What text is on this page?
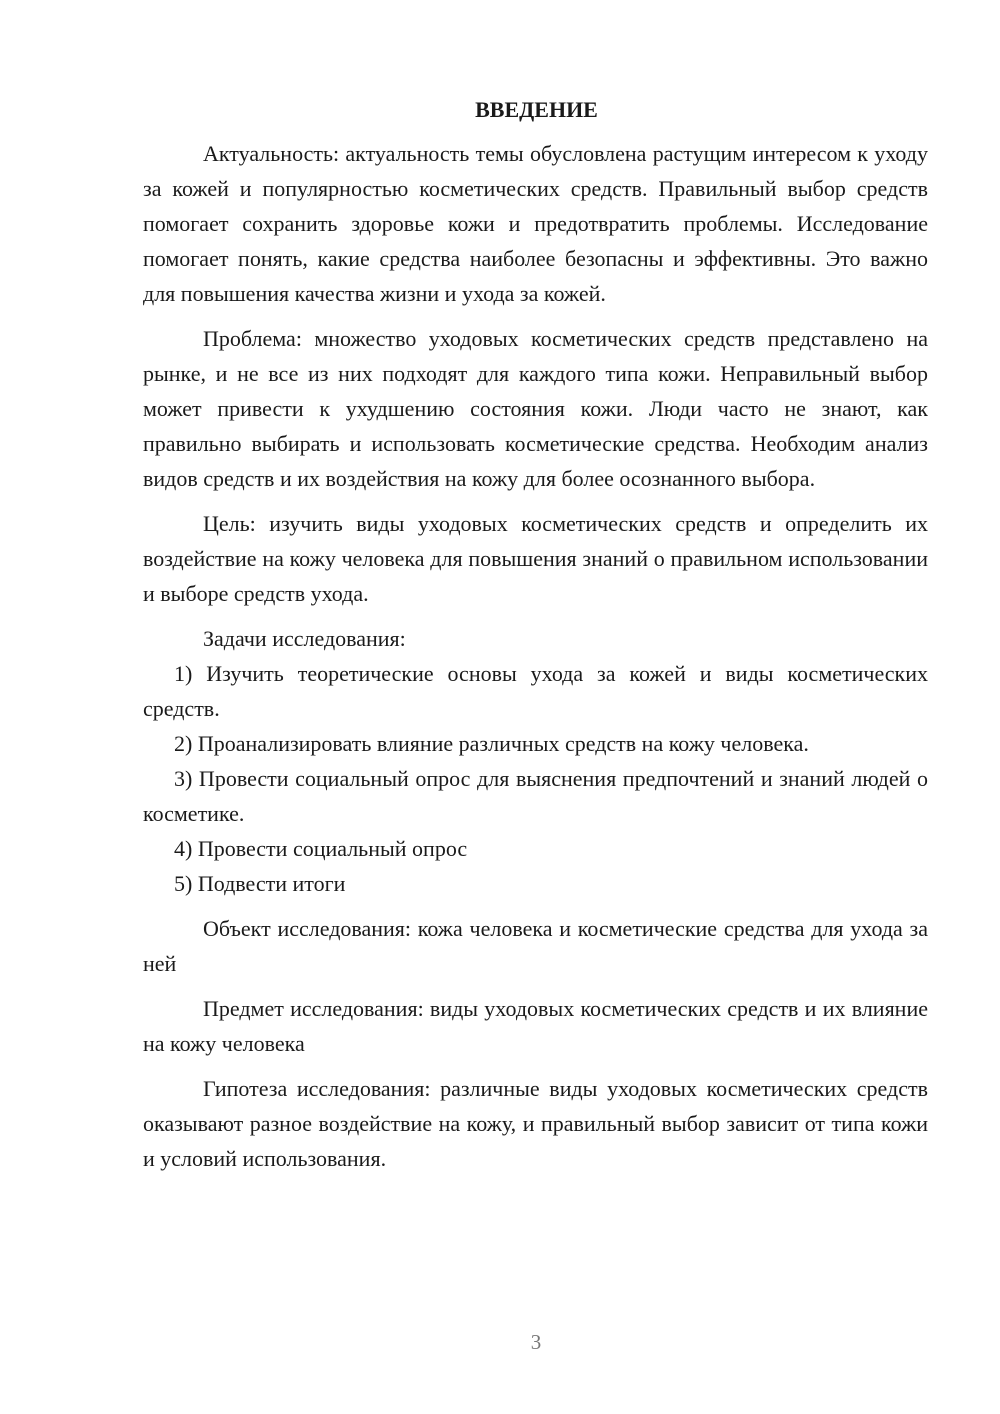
ВВЕДЕНИЕ

Актуальность: актуальность темы обусловлена растущим интересом к уходу за кожей и популярностью косметических средств. Правильный выбор средств помогает сохранить здоровье кожи и предотвратить проблемы. Исследование помогает понять, какие средства наиболее безопасны и эффективны. Это важно для повышения качества жизни и ухода за кожей.

Проблема: множество уходовых косметических средств представлено на рынке, и не все из них подходят для каждого типа кожи. Неправильный выбор может привести к ухудшению состояния кожи. Люди часто не знают, как правильно выбирать и использовать косметические средства. Необходим анализ видов средств и их воздействия на кожу для более осознанного выбора.

Цель: изучить виды уходовых косметических средств и определить их воздействие на кожу человека для повышения знаний о правильном использовании и выборе средств ухода.

Задачи исследования:

1) Изучить теоретические основы ухода за кожей и виды косметических средств.

2) Проанализировать влияние различных средств на кожу человека.

3) Провести социальный опрос для выяснения предпочтений и знаний людей о косметике.

4) Провести социальный опрос

5) Подвести итоги

Объект исследования: кожа человека и косметические средства для ухода за ней

Предмет исследования: виды уходовых косметических средств и их влияние на кожу человека

Гипотеза исследования: различные виды уходовых косметических средств оказывают разное воздействие на кожу, и правильный выбор зависит от типа кожи и условий использования.

3
